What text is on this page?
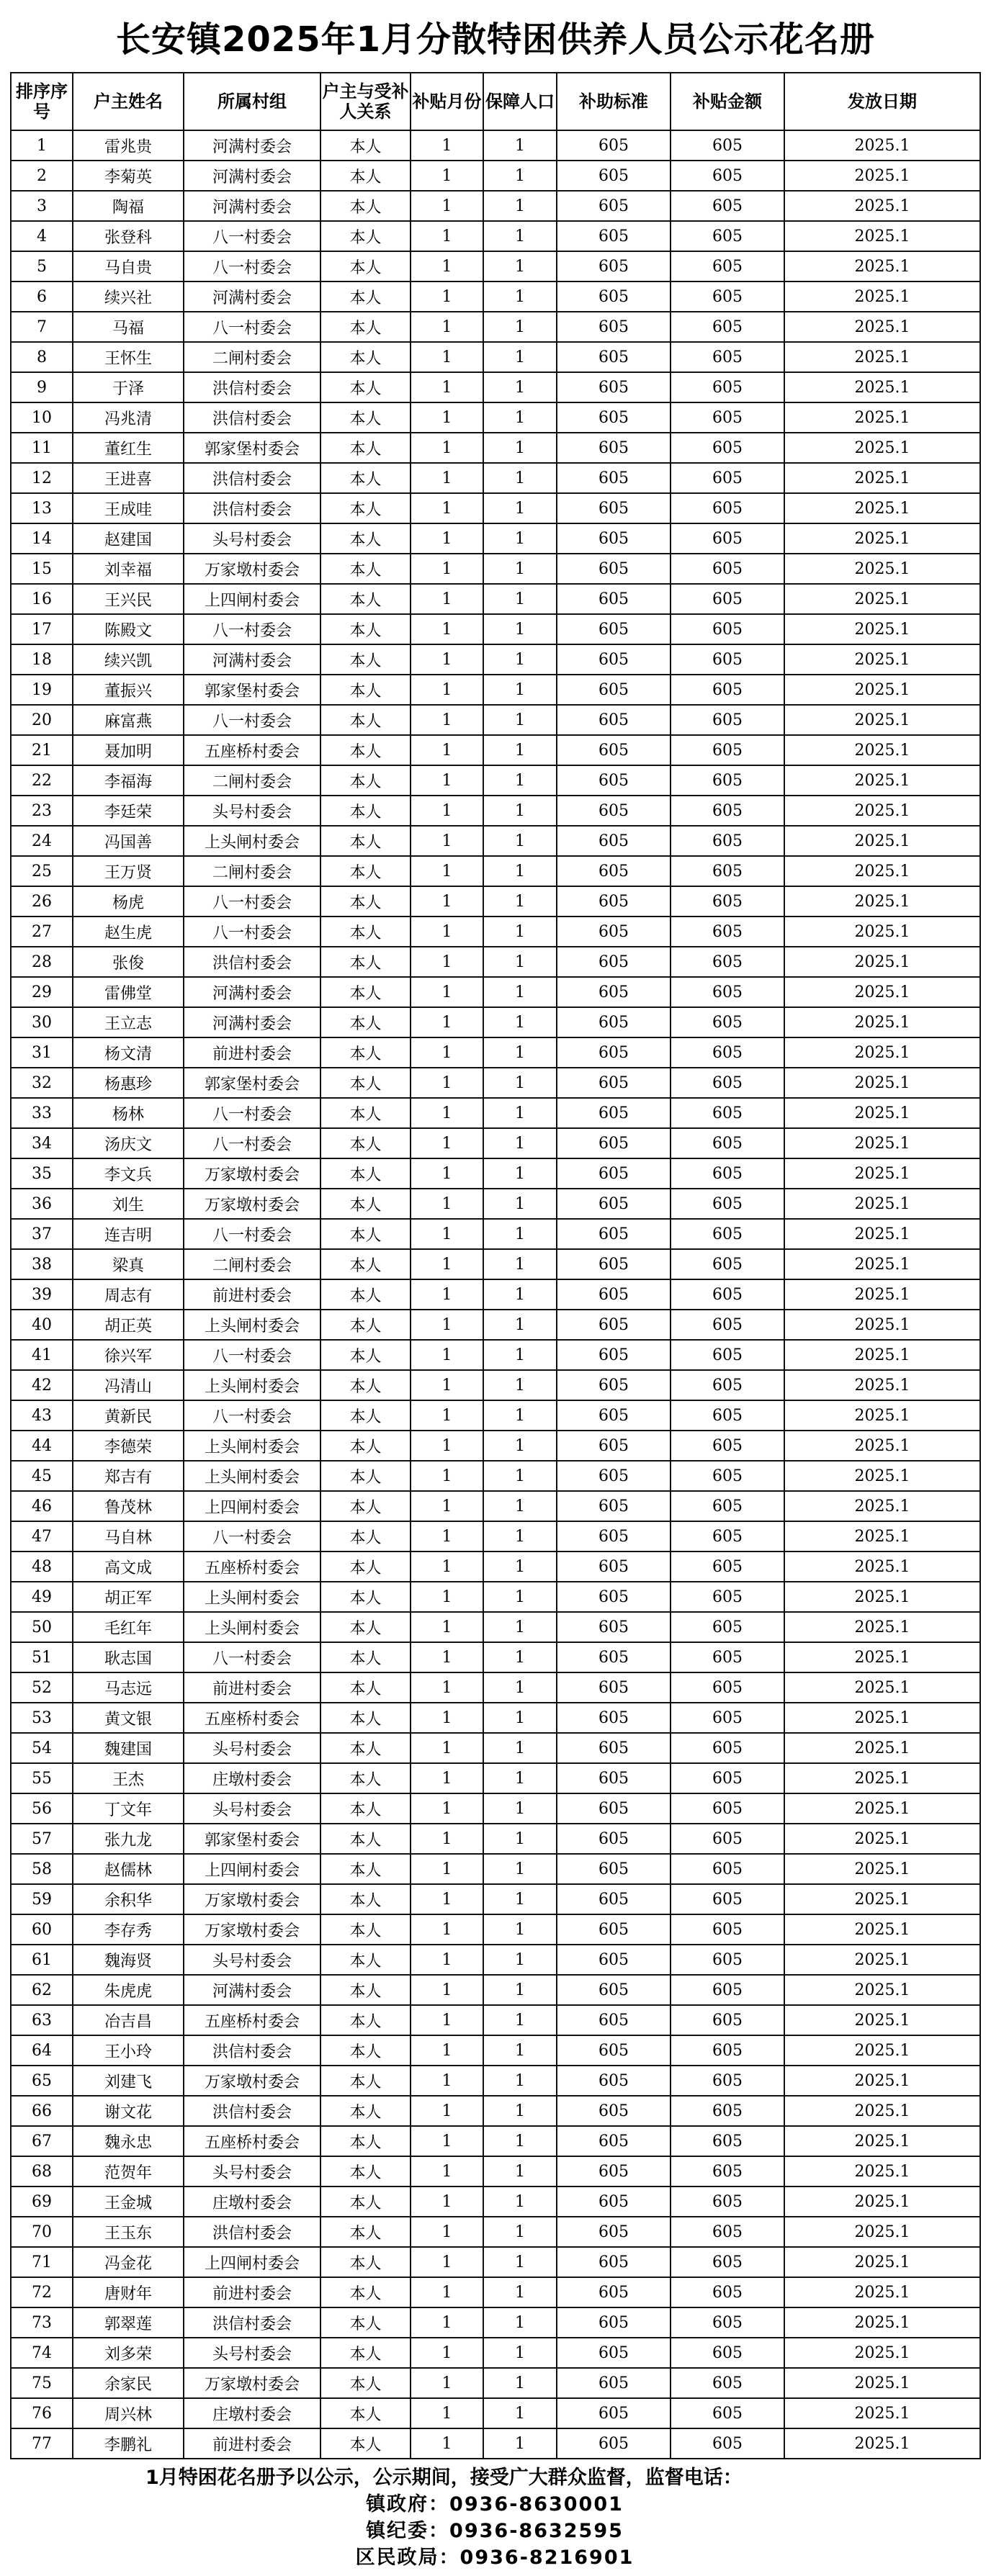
长安镇2025年1月分散特困供养人员公示花名册
排序序号	户主姓名	所属村组	户主与受补人关系	补贴月份	保障人口	补助标准	补贴金额	发放日期
1	雷兆贵	河满村委会	本人	1	1	605	605	2025.1
2	李菊英	河满村委会	本人	1	1	605	605	2025.1
3	陶福	河满村委会	本人	1	1	605	605	2025.1
4	张登科	八一村委会	本人	1	1	605	605	2025.1
5	马自贵	八一村委会	本人	1	1	605	605	2025.1
6	续兴社	河满村委会	本人	1	1	605	605	2025.1
7	马福	八一村委会	本人	1	1	605	605	2025.1
8	王怀生	二闸村委会	本人	1	1	605	605	2025.1
9	于泽	洪信村委会	本人	1	1	605	605	2025.1
10	冯兆清	洪信村委会	本人	1	1	605	605	2025.1
11	董红生	郭家堡村委会	本人	1	1	605	605	2025.1
12	王进喜	洪信村委会	本人	1	1	605	605	2025.1
13	王成哇	洪信村委会	本人	1	1	605	605	2025.1
14	赵建国	头号村委会	本人	1	1	605	605	2025.1
15	刘幸福	万家墩村委会	本人	1	1	605	605	2025.1
16	王兴民	上四闸村委会	本人	1	1	605	605	2025.1
17	陈殿文	八一村委会	本人	1	1	605	605	2025.1
18	续兴凯	河满村委会	本人	1	1	605	605	2025.1
19	董振兴	郭家堡村委会	本人	1	1	605	605	2025.1
20	麻富燕	八一村委会	本人	1	1	605	605	2025.1
21	聂加明	五座桥村委会	本人	1	1	605	605	2025.1
22	李福海	二闸村委会	本人	1	1	605	605	2025.1
23	李廷荣	头号村委会	本人	1	1	605	605	2025.1
24	冯国善	上头闸村委会	本人	1	1	605	605	2025.1
25	王万贤	二闸村委会	本人	1	1	605	605	2025.1
26	杨虎	八一村委会	本人	1	1	605	605	2025.1
27	赵生虎	八一村委会	本人	1	1	605	605	2025.1
28	张俊	洪信村委会	本人	1	1	605	605	2025.1
29	雷佛堂	河满村委会	本人	1	1	605	605	2025.1
30	王立志	河满村委会	本人	1	1	605	605	2025.1
31	杨文清	前进村委会	本人	1	1	605	605	2025.1
32	杨惠珍	郭家堡村委会	本人	1	1	605	605	2025.1
33	杨林	八一村委会	本人	1	1	605	605	2025.1
34	汤庆文	八一村委会	本人	1	1	605	605	2025.1
35	李文兵	万家墩村委会	本人	1	1	605	605	2025.1
36	刘生	万家墩村委会	本人	1	1	605	605	2025.1
37	连吉明	八一村委会	本人	1	1	605	605	2025.1
38	梁真	二闸村委会	本人	1	1	605	605	2025.1
39	周志有	前进村委会	本人	1	1	605	605	2025.1
40	胡正英	上头闸村委会	本人	1	1	605	605	2025.1
41	徐兴军	八一村委会	本人	1	1	605	605	2025.1
42	冯清山	上头闸村委会	本人	1	1	605	605	2025.1
43	黄新民	八一村委会	本人	1	1	605	605	2025.1
44	李德荣	上头闸村委会	本人	1	1	605	605	2025.1
45	郑吉有	上头闸村委会	本人	1	1	605	605	2025.1
46	鲁茂林	上四闸村委会	本人	1	1	605	605	2025.1
47	马自林	八一村委会	本人	1	1	605	605	2025.1
48	高文成	五座桥村委会	本人	1	1	605	605	2025.1
49	胡正军	上头闸村委会	本人	1	1	605	605	2025.1
50	毛红年	上头闸村委会	本人	1	1	605	605	2025.1
51	耿志国	八一村委会	本人	1	1	605	605	2025.1
52	马志远	前进村委会	本人	1	1	605	605	2025.1
53	黄文银	五座桥村委会	本人	1	1	605	605	2025.1
54	魏建国	头号村委会	本人	1	1	605	605	2025.1
55	王杰	庄墩村委会	本人	1	1	605	605	2025.1
56	丁文年	头号村委会	本人	1	1	605	605	2025.1
57	张九龙	郭家堡村委会	本人	1	1	605	605	2025.1
58	赵儒林	上四闸村委会	本人	1	1	605	605	2025.1
59	余积华	万家墩村委会	本人	1	1	605	605	2025.1
60	李存秀	万家墩村委会	本人	1	1	605	605	2025.1
61	魏海贤	头号村委会	本人	1	1	605	605	2025.1
62	朱虎虎	河满村委会	本人	1	1	605	605	2025.1
63	冶吉昌	五座桥村委会	本人	1	1	605	605	2025.1
64	王小玲	洪信村委会	本人	1	1	605	605	2025.1
65	刘建飞	万家墩村委会	本人	1	1	605	605	2025.1
66	谢文花	洪信村委会	本人	1	1	605	605	2025.1
67	魏永忠	五座桥村委会	本人	1	1	605	605	2025.1
68	范贺年	头号村委会	本人	1	1	605	605	2025.1
69	王金城	庄墩村委会	本人	1	1	605	605	2025.1
70	王玉东	洪信村委会	本人	1	1	605	605	2025.1
71	冯金花	上四闸村委会	本人	1	1	605	605	2025.1
72	唐财年	前进村委会	本人	1	1	605	605	2025.1
73	郭翠莲	洪信村委会	本人	1	1	605	605	2025.1
74	刘多荣	头号村委会	本人	1	1	605	605	2025.1
75	余家民	万家墩村委会	本人	1	1	605	605	2025.1
76	周兴林	庄墩村委会	本人	1	1	605	605	2025.1
77	李鹏礼	前进村委会	本人	1	1	605	605	2025.1
1月特困花名册予以公示，公示期间，接受广大群众监督，监督电话：
镇政府：0936-8630001
镇纪委：0936-8632595
区民政局：0936-8216901
